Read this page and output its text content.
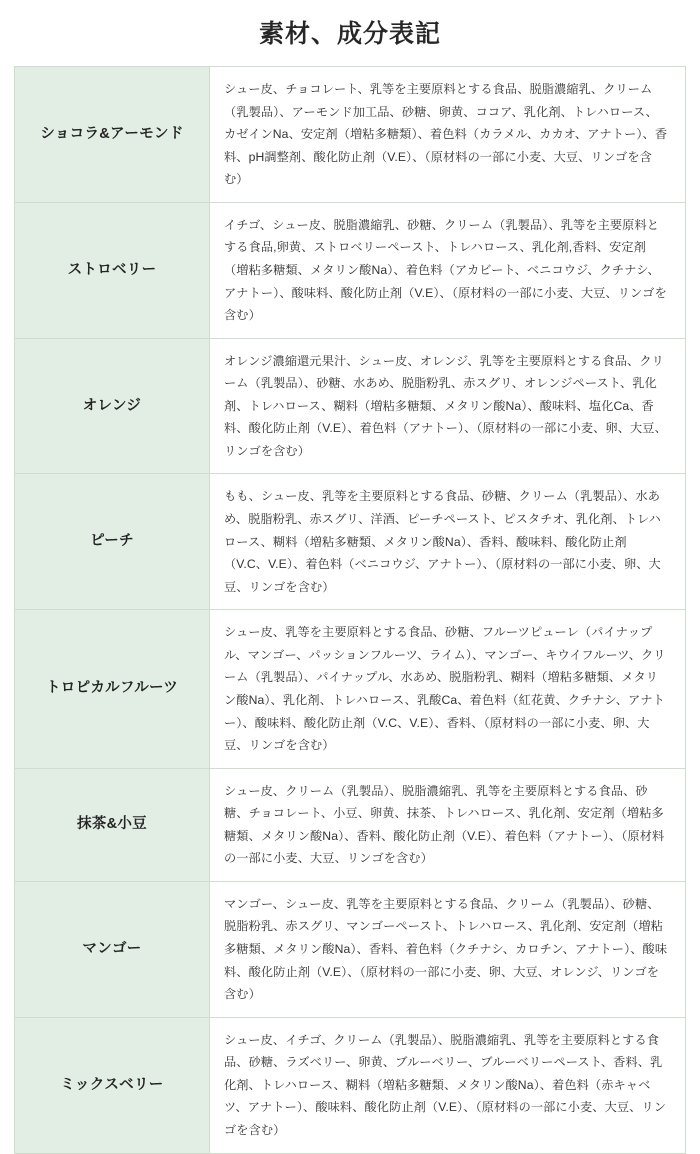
素材、成分表記
ショコラ&アーモンド	シュー皮、チョコレート、乳等を主要原料とする食品、脱脂濃縮乳、クリーム（乳製品）、アーモンド加工品、砂糖、卵黄、ココア、乳化剤、トレハロース、カゼインNa、安定剤（増粘多糖類）、着色料（カラメル、カカオ、アナトー）、香料、pH調整剤、酸化防止剤（V.E）、（原材料の一部に小麦、大豆、リンゴを含む）
ストロベリー	イチゴ、シュー皮、脱脂濃縮乳、砂糖、クリーム（乳製品）、乳等を主要原料とする食品,卵黄、ストロベリーペースト、トレハロース、乳化剤,香料、安定剤（増粘多糖類、メタリン酸Na）、着色料（アカビート、ベニコウジ、クチナシ、アナトー）、酸味料、酸化防止剤（V.E）、（原材料の一部に小麦、大豆、リンゴを含む）
オレンジ	オレンジ濃縮還元果汁、シュー皮、オレンジ、乳等を主要原料とする食品、クリーム（乳製品）、砂糖、水あめ、脱脂粉乳、赤スグリ、オレンジペースト、乳化剤、トレハロース、糊料（増粘多糖類、メタリン酸Na）、酸味料、塩化Ca、香料、酸化防止剤（V.E）、着色料（アナトー）、（原材料の一部に小麦、卵、大豆、リンゴを含む）
ピーチ	もも、シュー皮、乳等を主要原料とする食品、砂糖、クリーム（乳製品）、水あめ、脱脂粉乳、赤スグリ、洋酒、ピーチペースト、ピスタチオ、乳化剤、トレハロース、糊料（増粘多糖類、メタリン酸Na）、香料、酸味料、酸化防止剤（V.C、V.E）、着色料（ベニコウジ、アナトー）、（原材料の一部に小麦、卵、大豆、リンゴを含む）
トロピカルフルーツ	シュー皮、乳等を主要原料とする食品、砂糖、フルーツピューレ（パイナップル、マンゴー、パッションフルーツ、ライム）、マンゴー、キウイフルーツ、クリーム（乳製品）、パイナップル、水あめ、脱脂粉乳、糊料（増粘多糖類、メタリン酸Na）、乳化剤、トレハロース、乳酸Ca、着色料（紅花黄、クチナシ、アナトー）、酸味料、酸化防止剤（V.C、V.E）、香料、（原材料の一部に小麦、卵、大豆、リンゴを含む）
抹茶&小豆	シュー皮、クリーム（乳製品）、脱脂濃縮乳、乳等を主要原料とする食品、砂糖、チョコレート、小豆、卵黄、抹茶、トレハロース、乳化剤、安定剤（増粘多糖類、メタリン酸Na）、香料、酸化防止剤（V.E）、着色料（アナトー）、（原材料の一部に小麦、大豆、リンゴを含む）
マンゴー	マンゴー、シュー皮、乳等を主要原料とする食品、クリーム（乳製品）、砂糖、脱脂粉乳、赤スグリ、マンゴーペースト、トレハロース、乳化剤、安定剤（増粘多糖類、メタリン酸Na）、香料、着色料（クチナシ、カロチン、アナトー）、酸味料、酸化防止剤（V.E）、（原材料の一部に小麦、卵、大豆、オレンジ、リンゴを含む）
ミックスベリー	シュー皮、イチゴ、クリーム（乳製品）、脱脂濃縮乳、乳等を主要原料とする食品、砂糖、ラズベリー、卵黄、ブルーベリー、ブルーベリーペースト、香料、乳化剤、トレハロース、糊料（増粘多糖類、メタリン酸Na）、着色料（赤キャベツ、アナトー）、酸味料、酸化防止剤（V.E）、（原材料の一部に小麦、大豆、リンゴを含む）
